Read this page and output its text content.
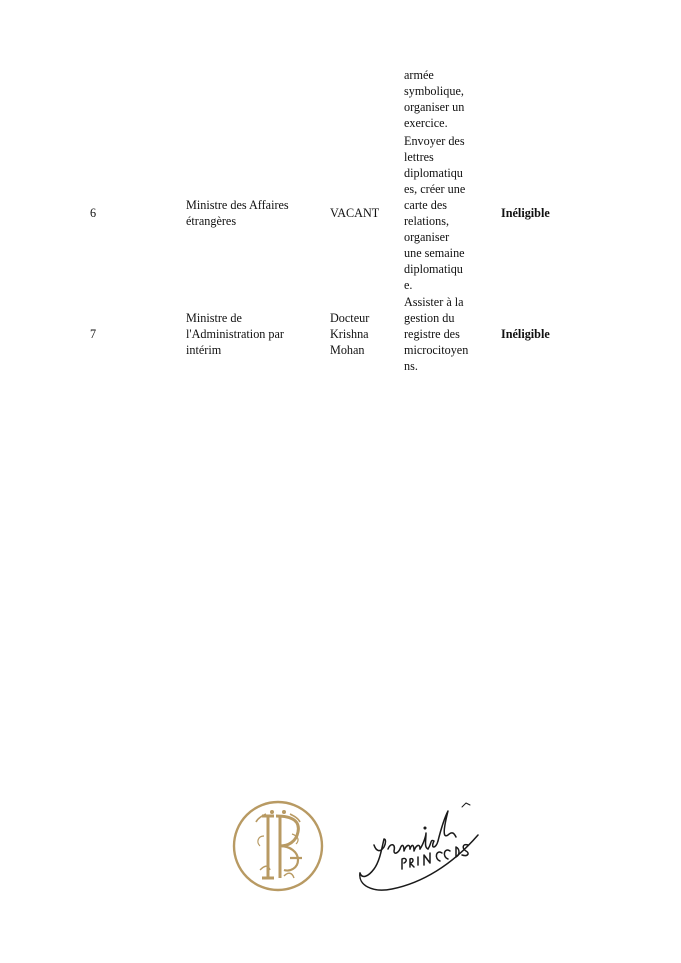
armée
symbolique,
organiser un
exercice.
6
Ministre des Affaires
étrangères
VACANT
Envoyer des
lettres
diplomatiqu
es, créer une
carte des
relations,
organiser
une semaine
diplomatiqu
e.
Inéligible
7
Ministre de
l'Administration par
intérim
Docteur
Krishna
Mohan
Assister à la
gestion du
registre des
microcitoyen
ns.
Inéligible
